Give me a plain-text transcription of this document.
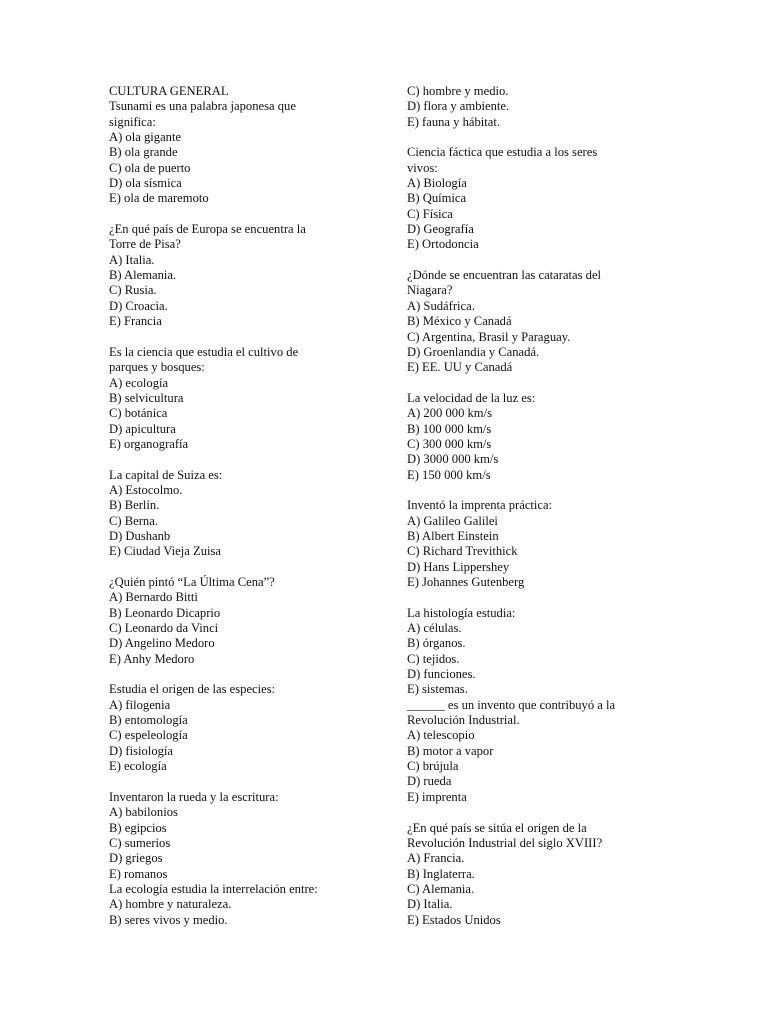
CULTURA GENERAL
Tsunami es una palabra japonesa que
significa:
A) ola gigante
B) ola grande
C) ola de puerto
D) ola sísmica
E) ola de maremoto
¿En qué país de Europa se encuentra la
Torre de Pisa?
A) Italia.
B) Alemania.
C) Rusia.
D) Croacia.
E) Francia
Es la ciencia que estudia el cultivo de
parques y bosques:
A) ecología
B) selvicultura
C) botánica
D) apicultura
E) organografía
La capital de Suiza es:
A) Estocolmo.
B) Berlín.
C) Berna.
D) Dushanb
E) Ciudad Vieja Zuisa
¿Quién pintó “La Última Cena”?
A) Bernardo Bitti
B) Leonardo Dicaprio
C) Leonardo da Vinci
D) Angelino Medoro
E) Anhy Medoro
Estudia el origen de las especies:
A) filogenia
B) entomología
C) espeleología
D) fisiología
E) ecología
Inventaron la rueda y la escritura:
A) babilonios
B) egipcios
C) sumerios
D) griegos
E) romanos
La ecología estudia la interrelación entre:
A) hombre y naturaleza.
B) seres vivos y medio.
C) hombre y medio.
D) flora y ambiente.
E) fauna y hábitat.
Ciencia fáctica que estudia a los seres
vivos:
A) Biología
B) Química
C) Física
D) Geografía
E) Ortodoncia
¿Dónde se encuentran las cataratas del
Niagara?
A) Sudáfrica.
B) México y Canadá
C) Argentina, Brasil y Paraguay.
D) Groenlandia y Canadá.
E) EE. UU y Canadá
La velocidad de la luz es:
A) 200 000 km/s
B) 100 000 km/s
C) 300 000 km/s
D) 3000 000 km/s
E) 150 000 km/s
Inventó la imprenta práctica:
A) Galileo Galilei
B) Albert Einstein
C) Richard Trevithick
D) Hans Lippershey
E) Johannes Gutenberg
La histología estudia:
A) células.
B) órganos.
C) tejidos.
D) funciones.
E) sistemas.
______ es un invento que contribuyó a la
Revolución Industrial.
A) telescopio
B) motor a vapor
C) brújula
D) rueda
E) imprenta
¿En qué país se sitúa el origen de la
Revolución Industrial del siglo XVIII?
A) Francia.
B) Inglaterra.
C) Alemania.
D) Italia.
E) Estados Unidos
